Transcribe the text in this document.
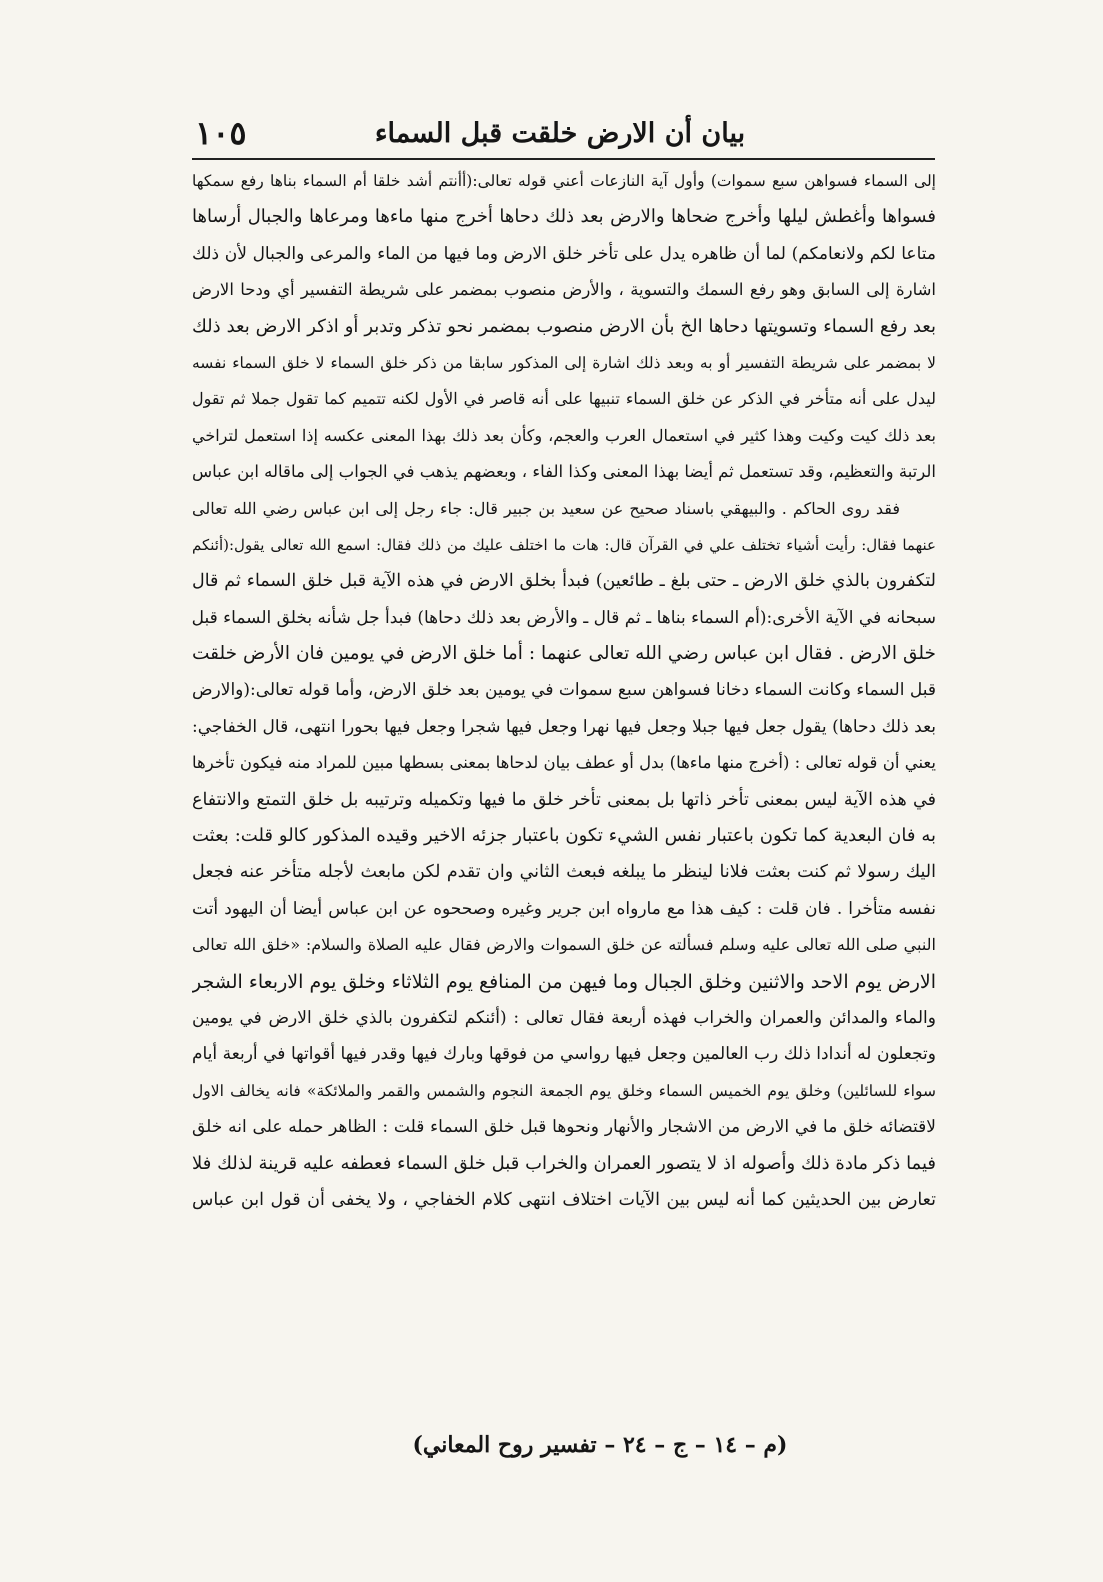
بيان أن الارض خلقت قبل السماء
١٠٥
إلى السماء فسواهن سبع سموات) وأول آية النازعات أعني قوله تعالى:(أأنتم أشد خلقا أم السماء بناها رفع سمكها
فسواها وأغطش ليلها وأخرج ضحاها والارض بعد ذلك دحاها أخرج منها ماءها ومرعاها والجبال أرساها
متاعا لكم ولانعامكم) لما أن ظاهره يدل على تأخر خلق الارض وما فيها من الماء والمرعى والجبال لأن ذلك
اشارة إلى السابق وهو رفع السمك والتسوية ، والأرض منصوب بمضمر على شريطة التفسير أي ودحا الارض
بعد رفع السماء وتسويتها دحاها الخ بأن الارض منصوب بمضمر نحو تذكر وتدبر أو اذكر الارض بعد ذلك
لا بمضمر على شريطة التفسير أو به وبعد ذلك اشارة إلى المذكور سابقا من ذكر خلق السماء لا خلق السماء نفسه
ليدل على أنه متأخر في الذكر عن خلق السماء تنبيها على أنه قاصر في الأول لكنه تتميم كما تقول جملا ثم تقول
بعد ذلك كيت وكيت وهذا كثير في استعمال العرب والعجم، وكأن بعد ذلك بهذا المعنى عكسه إذا استعمل لتراخي
الرتبة والتعظيم، وقد تستعمل ثم أيضا بهذا المعنى وكذا الفاء ، وبعضهم يذهب في الجواب إلى ماقاله ابن عباس
فقد روى الحاكم . والبيهقي باسناد صحيح عن سعيد بن جبير قال: جاء رجل إلى ابن عباس رضي الله تعالى
عنهما فقال: رأيت أشياء تختلف علي في القرآن قال: هات ما اختلف عليك من ذلك فقال: اسمع الله تعالى يقول:(أئنكم
لتكفرون بالذي خلق الارض ـ حتى بلغ ـ طائعين) فبدأ بخلق الارض في هذه الآية قبل خلق السماء ثم قال
سبحانه في الآية الأخرى:(أم السماء بناها ـ ثم قال ـ والأرض بعد ذلك دحاها) فبدأ جل شأنه بخلق السماء قبل
خلق الارض . فقال ابن عباس رضي الله تعالى عنهما : أما خلق الارض في يومين فان الأرض خلقت
قبل السماء وكانت السماء دخانا فسواهن سبع سموات في يومين بعد خلق الارض، وأما قوله تعالى:(والارض
بعد ذلك دحاها) يقول جعل فيها جبلا وجعل فيها نهرا وجعل فيها شجرا وجعل فيها بحورا انتهى، قال الخفاجي:
يعني أن قوله تعالى : (أخرج منها ماءها) بدل أو عطف بيان لدحاها بمعنى بسطها مبين للمراد منه فيكون تأخرها
في هذه الآية ليس بمعنى تأخر ذاتها بل بمعنى تأخر خلق ما فيها وتكميله وترتيبه بل خلق التمتع والانتفاع
به فان البعدية كما تكون باعتبار نفس الشيء تكون باعتبار جزئه الاخير وقيده المذكور كالو قلت: بعثت
اليك رسولا ثم كنت بعثت فلانا لينظر ما يبلغه فبعث الثاني وان تقدم لكن مابعث لأجله متأخر عنه فجعل
نفسه متأخرا . فان قلت : كيف هذا مع مارواه ابن جرير وغيره وصححوه عن ابن عباس أيضا أن اليهود أتت
النبي صلى الله تعالى عليه وسلم فسألته عن خلق السموات والارض فقال عليه الصلاة والسلام: «خلق الله تعالى
الارض يوم الاحد والاثنين وخلق الجبال وما فيهن من المنافع يوم الثلاثاء وخلق يوم الاربعاء الشجر
والماء والمدائن والعمران والخراب فهذه أربعة فقال تعالى : (أئنكم لتكفرون بالذي خلق الارض في يومين
وتجعلون له أندادا ذلك رب العالمين وجعل فيها رواسي من فوقها وبارك فيها وقدر فيها أقواتها في أربعة أيام
سواء للسائلين) وخلق يوم الخميس السماء وخلق يوم الجمعة النجوم والشمس والقمر والملائكة» فانه يخالف الاول
لاقتضائه خلق ما في الارض من الاشجار والأنهار ونحوها قبل خلق السماء قلت : الظاهر حمله على انه خلق
فيما ذكر مادة ذلك وأصوله اذ لا يتصور العمران والخراب قبل خلق السماء فعطفه عليه قرينة لذلك فلا
تعارض بين الحديثين كما أنه ليس بين الآيات اختلاف انتهى كلام الخفاجي ، ولا يخفى أن قول ابن عباس
(م – ١٤ – ج – ٢٤ – تفسير روح المعاني)
